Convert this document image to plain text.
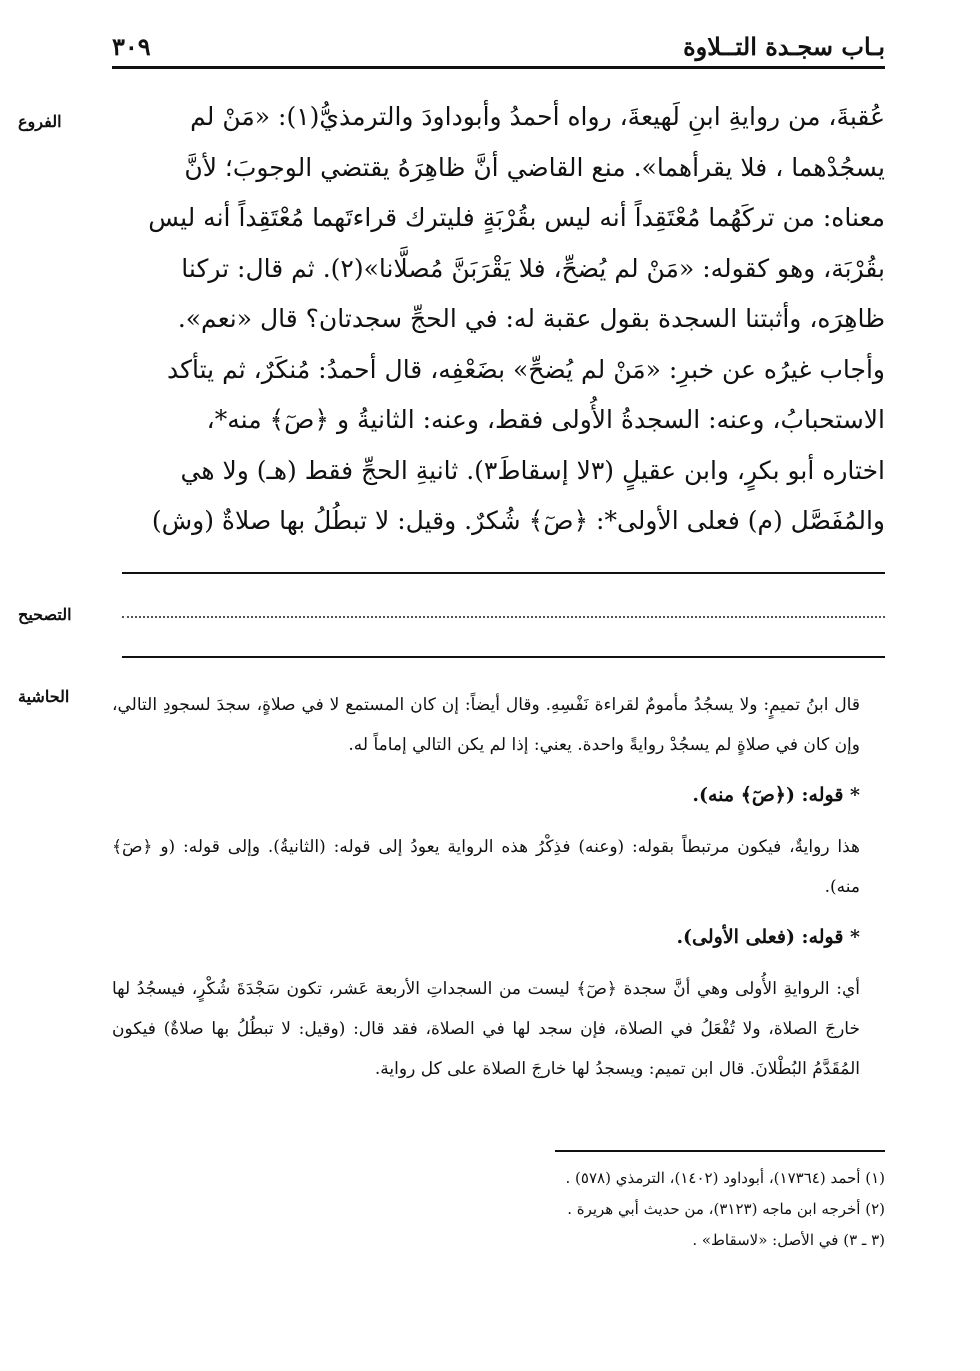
بـاب سجـدة التــلاوة
٣٠٩
الفروع
التصحيح
الحاشية

عُقبةَ، من روايةِ ابنِ لَهيعةَ، رواه أحمدُ وأبوداودَ والترمذيُّ(١): «مَنْ لم

يسجُدْهما ، فلا يقرأهما». منع القاضي أنَّ ظاهِرَهُ يقتضي الوجوبَ؛ لأنَّ

معناه: من تركَهُما مُعْتَقِداً أنه ليس بقُرْبَةٍ فليترك قراءتَهما مُعْتَقِداً أنه ليس

بقُرْبَة، وهو كقوله: «مَنْ لم يُضحِّ، فلا يَقْرَبَنَّ مُصلَّانا»(٢). ثم قال: تركنا

ظاهِرَه، وأثبتنا السجدة بقول عقبة له: في الحجِّ سجدتان؟ قال «نعم».

وأجاب غيرُه عن خبرِ: «مَنْ لم يُضحِّ» بضَعْفِه، قال أحمدُ: مُنكَرٌ، ثم يتأكد

الاستحبابُ، وعنه: السجدةُ الأُولى فقط، وعنه: الثانيةُ و ﴿صٓ﴾ منه*،

اختاره أبو بكرٍ، وابن عقيلٍ (٣لا إسقاطَ٣). ثانيةِ الحجِّ فقط (هـ) ولا هي

والمُفَصَّل (م) فعلى الأولى*: ﴿صٓ﴾ شُكرٌ. وقيل: لا تبطُلُ بها صلاةٌ (وش)

قال ابنُ تميمٍ: ولا يسجُدُ مأمومٌ لقراءة نَفْسِهِ. وقال أيضاً: إن كان المستمع لا في صلاةٍ، سجدَ لسجودِ التالي، وإن كان في صلاةٍ لم يسجُدْ روايةً واحدة. يعني: إذا لم يكن التالي إماماً له.

* قوله: (﴿صٓ﴾ منه).

هذا روايةٌ، فيكون مرتبطاً بقوله: (وعنه) فذِكْرُ هذه الرواية يعودُ إلى قوله: (الثانيةُ). وإلى قوله: (و ﴿صٓ﴾ منه).

* قوله: (فعلى الأولى).

أي: الروايةِ الأُولى وهي أنَّ سجدة ﴿صٓ﴾ ليست من السجداتِ الأربعة عَشر، تكون سَجْدَةَ شُكْرٍ، فيسجُدُ لها خارجَ الصلاة، ولا تُفْعَلُ في الصلاة، فإن سجد لها في الصلاة، فقد قال: (وقيل: لا تبطُلُ بها صلاةٌ) فيكون المُقَدَّمُ البُطْلانَ. قال ابن تميم: ويسجدُ لها خارجَ الصلاة على كل رواية.

(١) أحمد (١٧٣٦٤)، أبوداود (١٤٠٢)، الترمذي (٥٧٨) .

(٢) أخرجه ابن ماجه (٣١٢٣)، من حديث أبي هريرة .

(٣ ـ ٣) في الأصل: «لاسقاط» .
